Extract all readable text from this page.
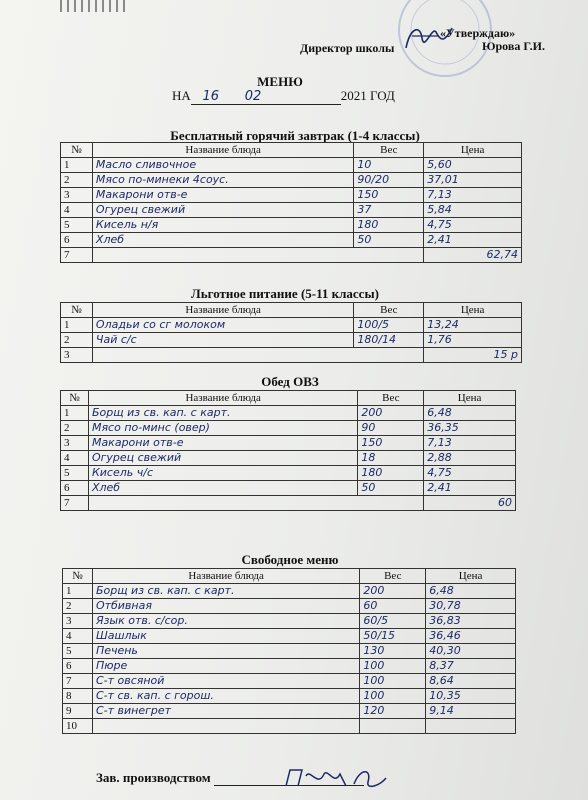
«Утверждаю»
Директор школы	Юрова Г.И.
МЕНЮ
НА 16 02	2021 ГОД
Бесплатный горячий завтрак (1-4 классы)
№	Название блюда	Вес	Цена
1	Масло сливочное	10	5,60
2	Мясо по-минеки 4соус.	90/20	37,01
3	Макарони отв-е	150	7,13
4	Огурец свежий	37	5,84
5	Кисель н/я	180	4,75
6	Хлеб	50	2,41
7			62,74
Льготное питание (5-11 классы)
№	Название блюда	Вес	Цена
1	Оладьи со сг молоком	100/5	13,24
2	Чай с/с	180/14	1,76
3			15 р
Обед ОВЗ
№	Название блюда	Вес	Цена
1	Борщ из св. кап. с карт.	200	6,48
2	Мясо по-минс (овер)	90	36,35
3	Макарони отв-е	150	7,13
4	Огурец свежий	18	2,88
5	Кисель ч/с	180	4,75
6	Хлеб	50	2,41
7			60
Свободное меню
№	Название блюда	Вес	Цена
1	Борщ из св. кап. с карт.	200	6,48
2	Отбивная	60	30,78
3	Язык отв. с/сор.	60/5	36,83
4	Шашлык	50/15	36,46
5	Печень	130	40,30
6	Пюре	100	8,37
7	С-т овсяной	100	8,64
8	С-т св. кап. с горош.	100	10,35
9	С-т винегрет	120	9,14
10			
Зав. производством
